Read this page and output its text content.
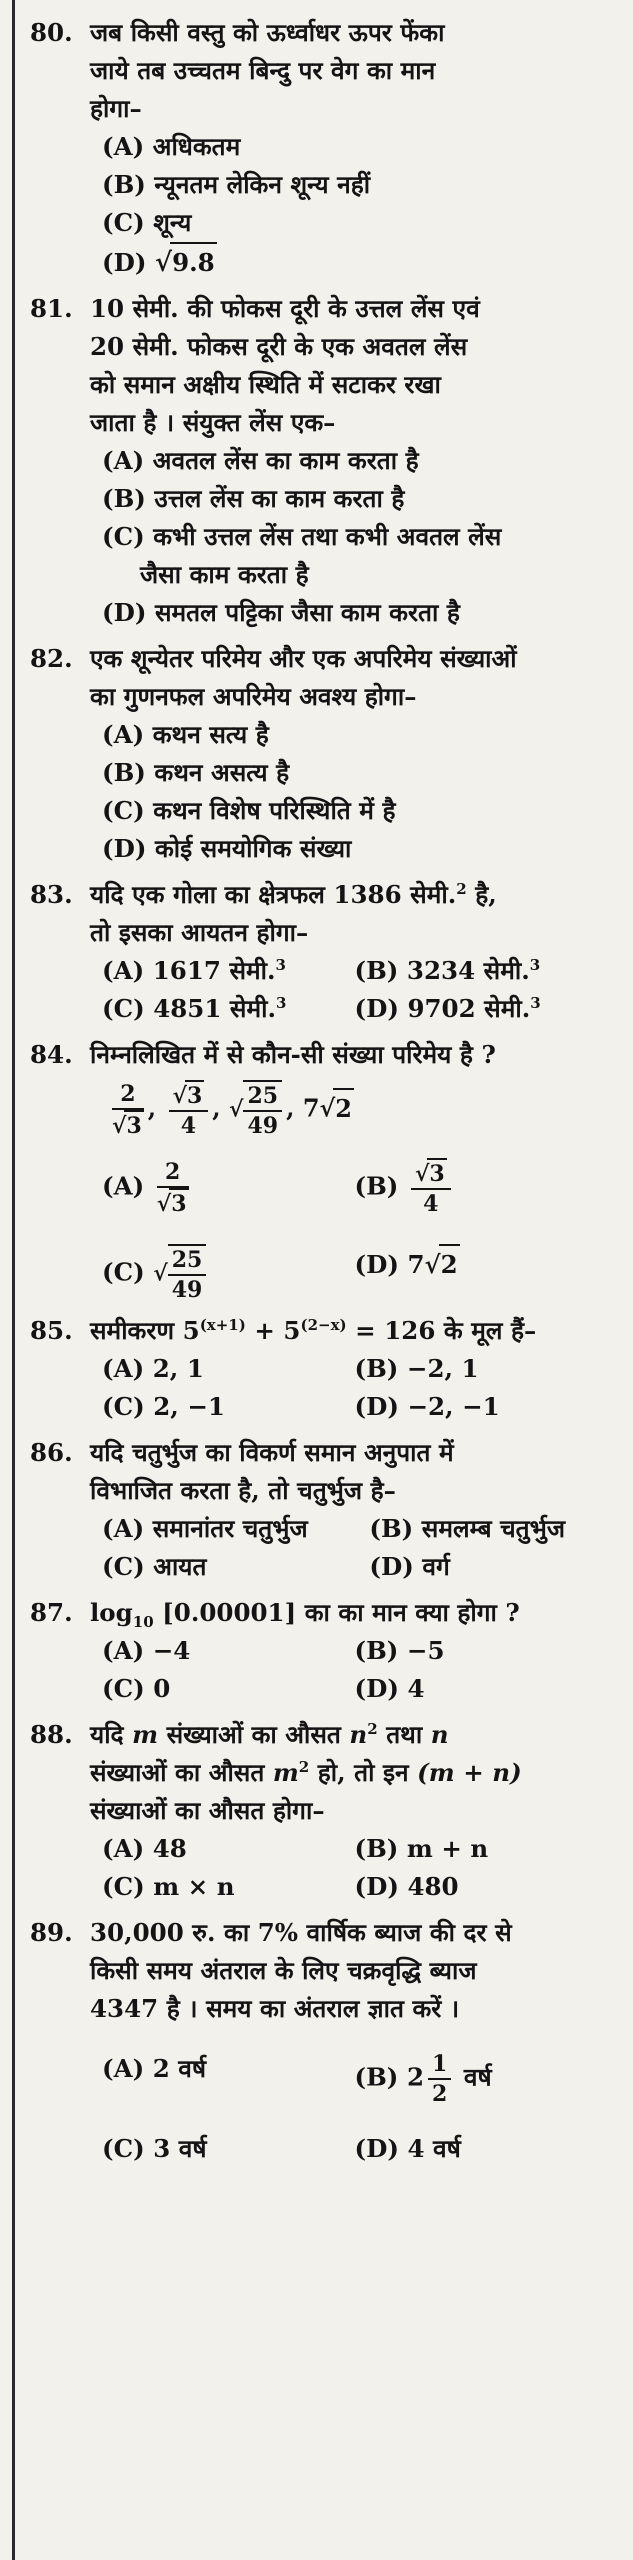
80. जब किसी वस्तु को ऊर्ध्वाधर ऊपर फेंका
जाये तब उच्चतम बिन्दु पर वेग का मान
होगा–
(A) अधिकतम
(B) न्यूनतम लेकिन शून्य नहीं
(C) शून्य
(D) √9.8
81. 10 सेमी. की फोकस दूरी के उत्तल लेंस एवं
20 सेमी. फोकस दूरी के एक अवतल लेंस
को समान अक्षीय स्थिति में सटाकर रखा
जाता है । संयुक्त लेंस एक–
(A) अवतल लेंस का काम करता है
(B) उत्तल लेंस का काम करता है
(C) कभी उत्तल लेंस तथा कभी अवतल लेंस
जैसा काम करता है
(D) समतल पट्टिका जैसा काम करता है
82. एक शून्येतर परिमेय और एक अपरिमेय संख्याओं
का गुणनफल अपरिमेय अवश्य होगा–
(A) कथन सत्य है
(B) कथन असत्य है
(C) कथन विशेष परिस्थिति में है
(D) कोई समयोगिक संख्या
83. यदि एक गोला का क्षेत्रफल 1386 सेमी.$^2$ है,
तो इसका आयतन होगा–
(A) 1617 सेमी.$^3$	(B) 3234 सेमी.$^3$
(C) 4851 सेमी.$^3$	(D) 9702 सेमी.$^3$
84. निम्नलिखित में से कौन-सी संख्या परिमेय है ?
$\frac{2}{√3}$ , $\frac{√3}{4}$ , √ $\frac{25}{49}$ , 7√2
$(A) \frac{2}{√3}$	$(B) \frac{√3}{4}$
(C) √ $\frac{25}{49}$	(D) 7√2
85. समीकरण $5^{(x+1)} + 5^{(2-x)} = 126$ के मूल हैं–
(A) 2, 1	(B) −2, 1
(C) 2, −1	(D) −2, −1
86. यदि चतुर्भुज का विकर्ण समान अनुपात में
विभाजित करता है, तो चतुर्भुज है–
(A) समानांतर चतुर्भुज	(B) समलम्ब चतुर्भुज
(C) आयत	(D) वर्ग
87. $\log_{10} [0.00001]$ का का मान क्या होगा ?
(A) −4	(B) −5
(C) 0	(D) 4
88. यदि m संख्याओं का औसत $n^2$ तथा n
संख्याओं का औसत $m^2$ हो, तो इन (m + n)
संख्याओं का औसत होगा–
(A) 48	(B) m + n
(C) m × n	(D) 480
89. 30,000 रु. का 7% वार्षिक ब्याज की दर से
किसी समय अंतराल के लिए चक्रवृद्धि ब्याज
4347 है । समय का अंतराल ज्ञात करें ।
(A) 2 वर्ष	(B) $2 \frac{1}{2}$ वर्ष
(C) 3 वर्ष	(D) 4 वर्ष
